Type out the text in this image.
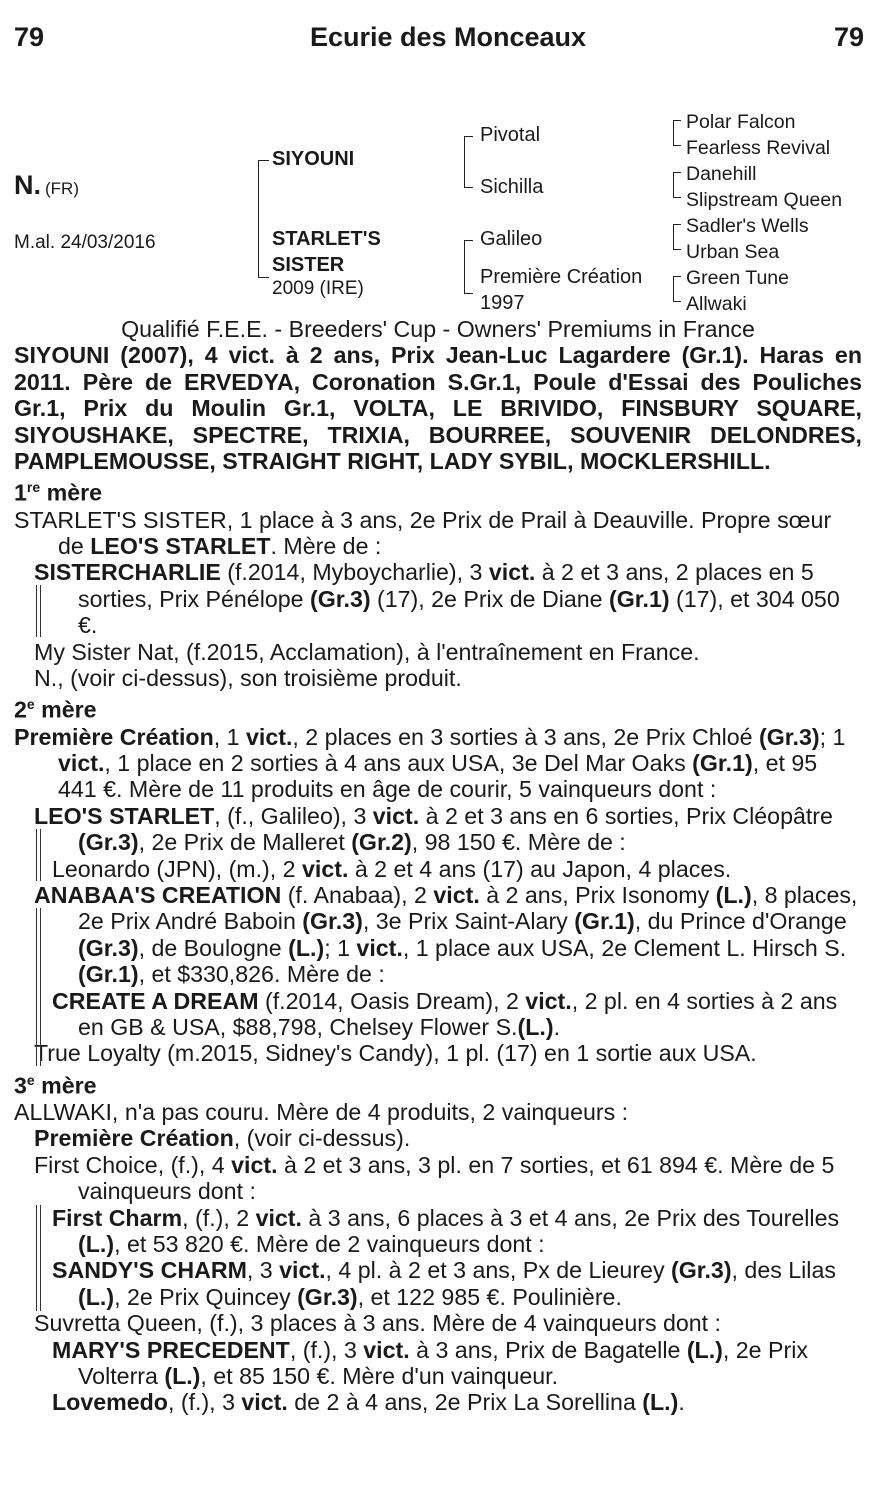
79	Ecurie des Monceaux	79
N. (FR)
M.al. 24/03/2016
SIYOUNI
STARLET'S SISTER
2009 (IRE)
Pivotal
Sichilla
Galileo
Première Création
1997
Polar Falcon
Fearless Revival
Danehill
Slipstream Queen
Sadler's Wells
Urban Sea
Green Tune
Allwaki

Qualifié F.E.E. - Breeders' Cup - Owners' Premiums in France

SIYOUNI (2007), 4 vict. à 2 ans, Prix Jean-Luc Lagardere (Gr.1). Haras en 2011. Père de ERVEDYA, Coronation S.Gr.1, Poule d'Essai des Pouliches Gr.1, Prix du Moulin Gr.1, VOLTA, LE BRIVIDO, FINSBURY SQUARE, SIYOUSHAKE, SPECTRE, TRIXIA, BOURREE, SOUVENIR DELONDRES, PAMPLEMOUSSE, STRAIGHT RIGHT, LADY SYBIL, MOCKLERSHILL.

1re mère

STARLET'S SISTER, 1 place à 3 ans, 2e Prix de Prail à Deauville. Propre sœur de LEO'S STARLET. Mère de :

SISTERCHARLIE (f.2014, Myboycharlie), 3 vict. à 2 et 3 ans, 2 places en 5 sorties, Prix Pénélope (Gr.3) (17), 2e Prix de Diane (Gr.1) (17), et 304 050 €.

My Sister Nat, (f.2015, Acclamation), à l'entraînement en France.

N., (voir ci-dessus), son troisième produit.

2e mère

Première Création, 1 vict., 2 places en 3 sorties à 3 ans, 2e Prix Chloé (Gr.3); 1 vict., 1 place en 2 sorties à 4 ans aux USA, 3e Del Mar Oaks (Gr.1), et 95 441 €. Mère de 11 produits en âge de courir, 5 vainqueurs dont :

LEO'S STARLET, (f., Galileo), 3 vict. à 2 et 3 ans en 6 sorties, Prix Cléopâtre (Gr.3), 2e Prix de Malleret (Gr.2), 98 150 €. Mère de :

Leonardo (JPN), (m.), 2 vict. à 2 et 4 ans (17) au Japon, 4 places.

ANABAA'S CREATION (f. Anabaa), 2 vict. à 2 ans, Prix Isonomy (L.), 8 places, 2e Prix André Baboin (Gr.3), 3e Prix Saint-Alary (Gr.1), du Prince d'Orange (Gr.3), de Boulogne (L.); 1 vict., 1 place aux USA, 2e Clement L. Hirsch S.(Gr.1), et $330,826. Mère de :

CREATE A DREAM (f.2014, Oasis Dream), 2 vict., 2 pl. en 4 sorties à 2 ans en GB & USA, $88,798, Chelsey Flower S.(L.).

True Loyalty (m.2015, Sidney's Candy), 1 pl. (17) en 1 sortie aux USA.

3e mère

ALLWAKI, n'a pas couru. Mère de 4 produits, 2 vainqueurs :

Première Création, (voir ci-dessus).

First Choice, (f.), 4 vict. à 2 et 3 ans, 3 pl. en 7 sorties, et 61 894 €. Mère de 5 vainqueurs dont :

First Charm, (f.), 2 vict. à 3 ans, 6 places à 3 et 4 ans, 2e Prix des Tourelles (L.), et 53 820 €. Mère de 2 vainqueurs dont :

SANDY'S CHARM, 3 vict., 4 pl. à 2 et 3 ans, Px de Lieurey (Gr.3), des Lilas (L.), 2e Prix Quincey (Gr.3), et 122 985 €. Poulinière.

Suvretta Queen, (f.), 3 places à 3 ans. Mère de 4 vainqueurs dont :

MARY'S PRECEDENT, (f.), 3 vict. à 3 ans, Prix de Bagatelle (L.), 2e Prix Volterra (L.), et 85 150 €. Mère d'un vainqueur.

Lovemedo, (f.), 3 vict. de 2 à 4 ans, 2e Prix La Sorellina (L.).
